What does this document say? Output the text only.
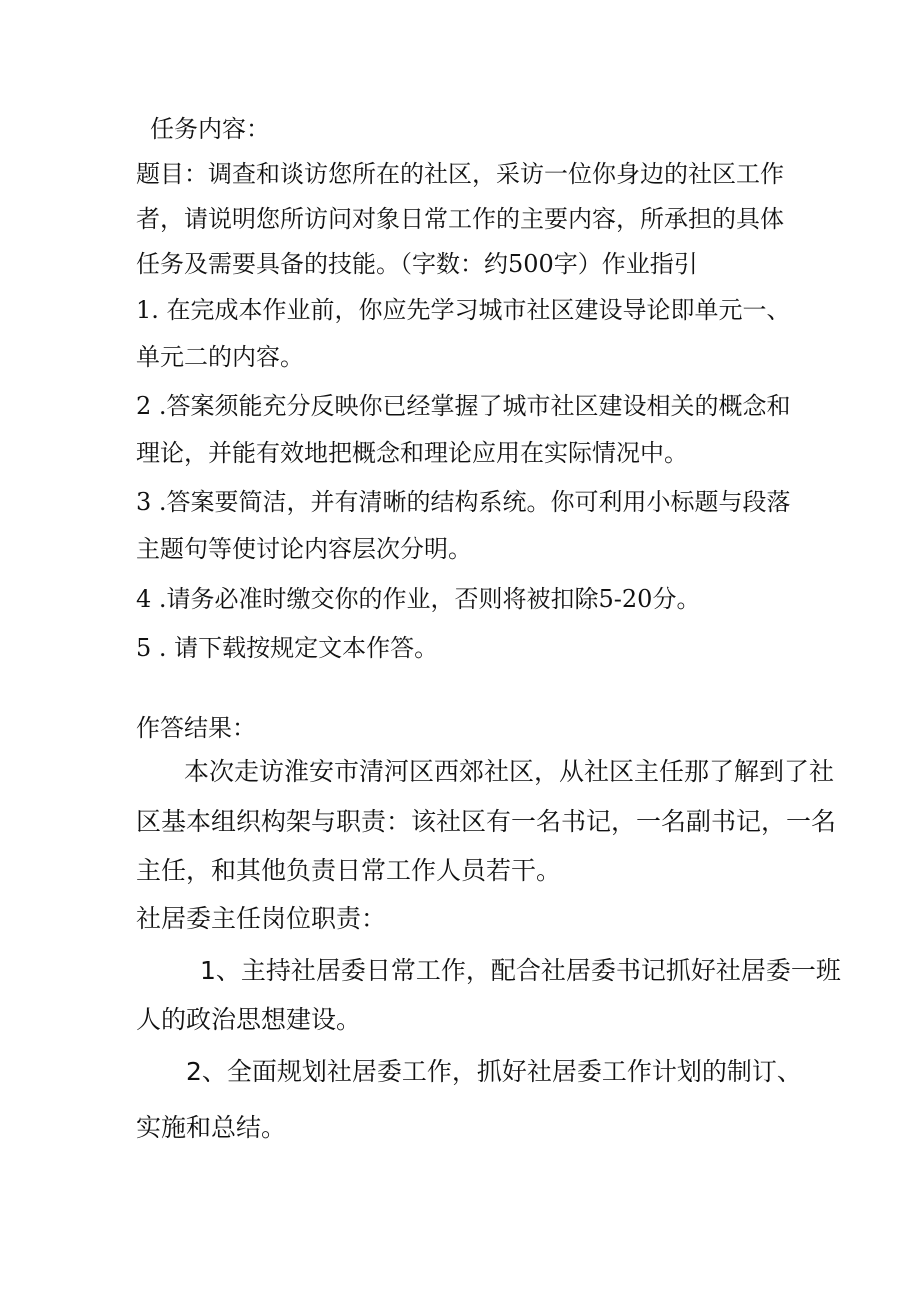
任务内容：

题目：调查和谈访您所在的社区，采访一位你身边的社区工作

者，请说明您所访问对象日常工作的主要内容，所承担的具体

任务及需要具备的技能。（字数：约500字）作业指引

1. 在完成本作业前，你应先学习城市社区建设导论即单元一、

单元二的内容。

2 .答案须能充分反映你已经掌握了城市社区建设相关的概念和

理论，并能有效地把概念和理论应用在实际情况中。

3 .答案要简洁，并有清晰的结构系统。你可利用小标题与段落

主题句等使讨论内容层次分明。

4 .请务必准时缴交你的作业，否则将被扣除5-20分。

5 . 请下载按规定文本作答。

作答结果：

本次走访淮安市清河区西郊社区，从社区主任那了解到了社

区基本组织构架与职责：该社区有一名书记，一名副书记，一名

主任，和其他负责日常工作人员若干。

社居委主任岗位职责：

1、主持社居委日常工作，配合社居委书记抓好社居委一班

人的政治思想建设。

2、全面规划社居委工作，抓好社居委工作计划的制订、

实施和总结。
